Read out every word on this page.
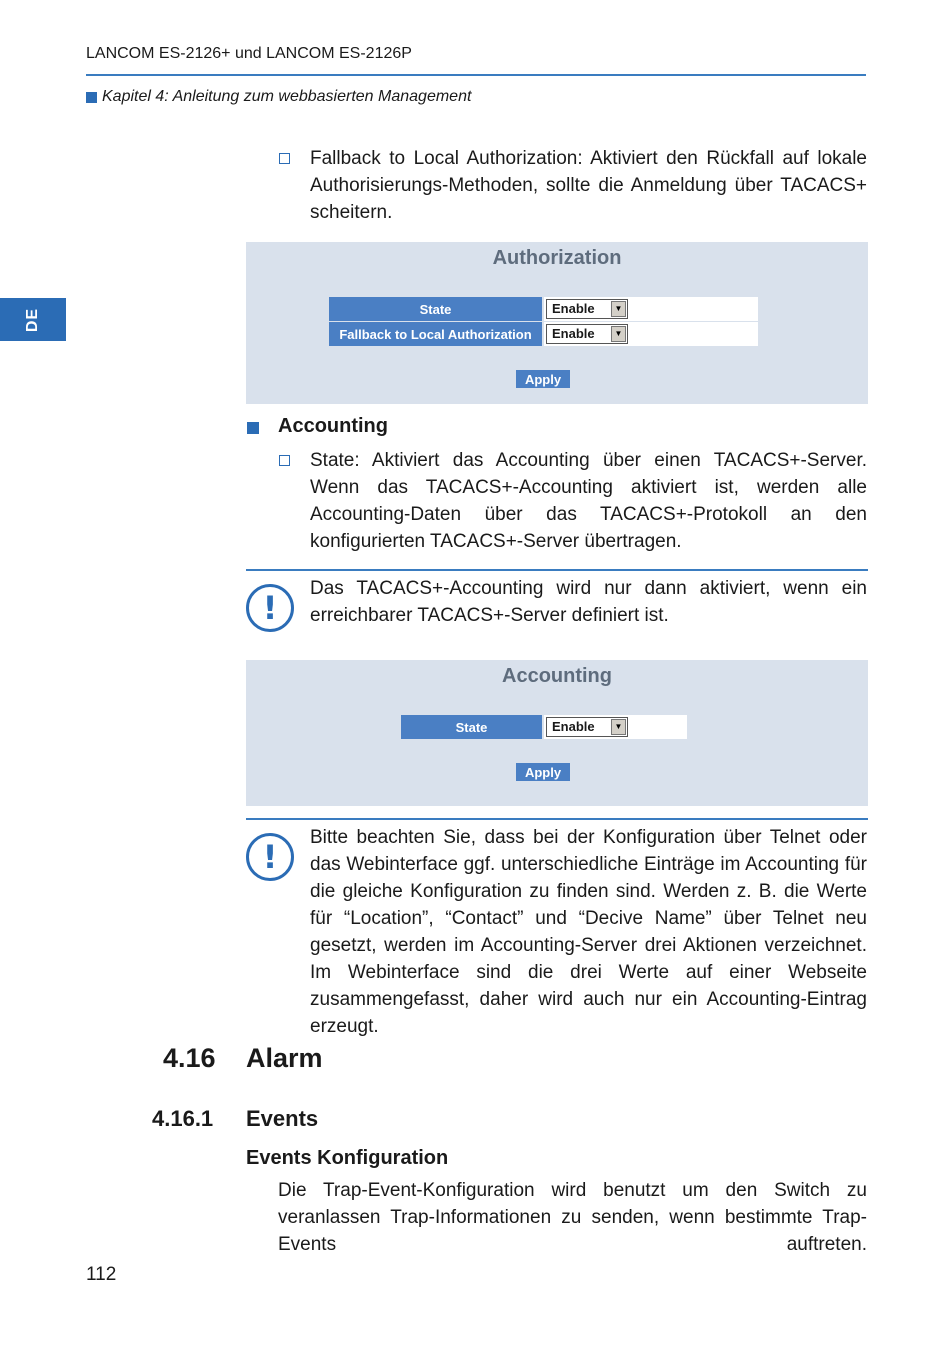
LANCOM ES-2126+ und LANCOM ES-2126P
Kapitel 4: Anleitung zum webbasierten Management
DE
Fallback to Local Authorization: Aktiviert den Rückfall auf lokale Authorisierungs-Methoden, sollte die Anmeldung über TACACS+ scheitern.
Authorization
State	Enable	▼
Fallback to Local Authorization	Enable	▼
Apply
Accounting
State: Aktiviert das Accounting über einen TACACS+-Server. Wenn das TACACS+-Accounting aktiviert ist, werden alle Accounting-Daten über das TACACS+-Protokoll an den konfigurierten TACACS+-Server übertragen.
!
Das TACACS+-Accounting wird nur dann aktiviert, wenn ein erreichbarer TACACS+-Server definiert ist.
Accounting
State	Enable	▼
Apply
!
Bitte beachten Sie, dass bei der Konfiguration über Telnet oder das Webinterface ggf. unterschiedliche Einträge im Accounting für die gleiche Konfiguration zu finden sind. Werden z. B. die Werte für “Location”, “Contact” und “Decive Name” über Telnet neu gesetzt, werden im Accounting-Server drei Aktionen verzeichnet. Im Webinterface sind die drei Werte auf einer Webseite zusammengefasst, daher wird auch nur ein Accounting-Eintrag erzeugt.
4.16 Alarm
4.16.1 Events
Events Konfiguration
Die Trap-Event-Konfiguration wird benutzt um den Switch zu veranlassen Trap-Informationen zu senden, wenn bestimmte Trap-Events auftreten.
112
